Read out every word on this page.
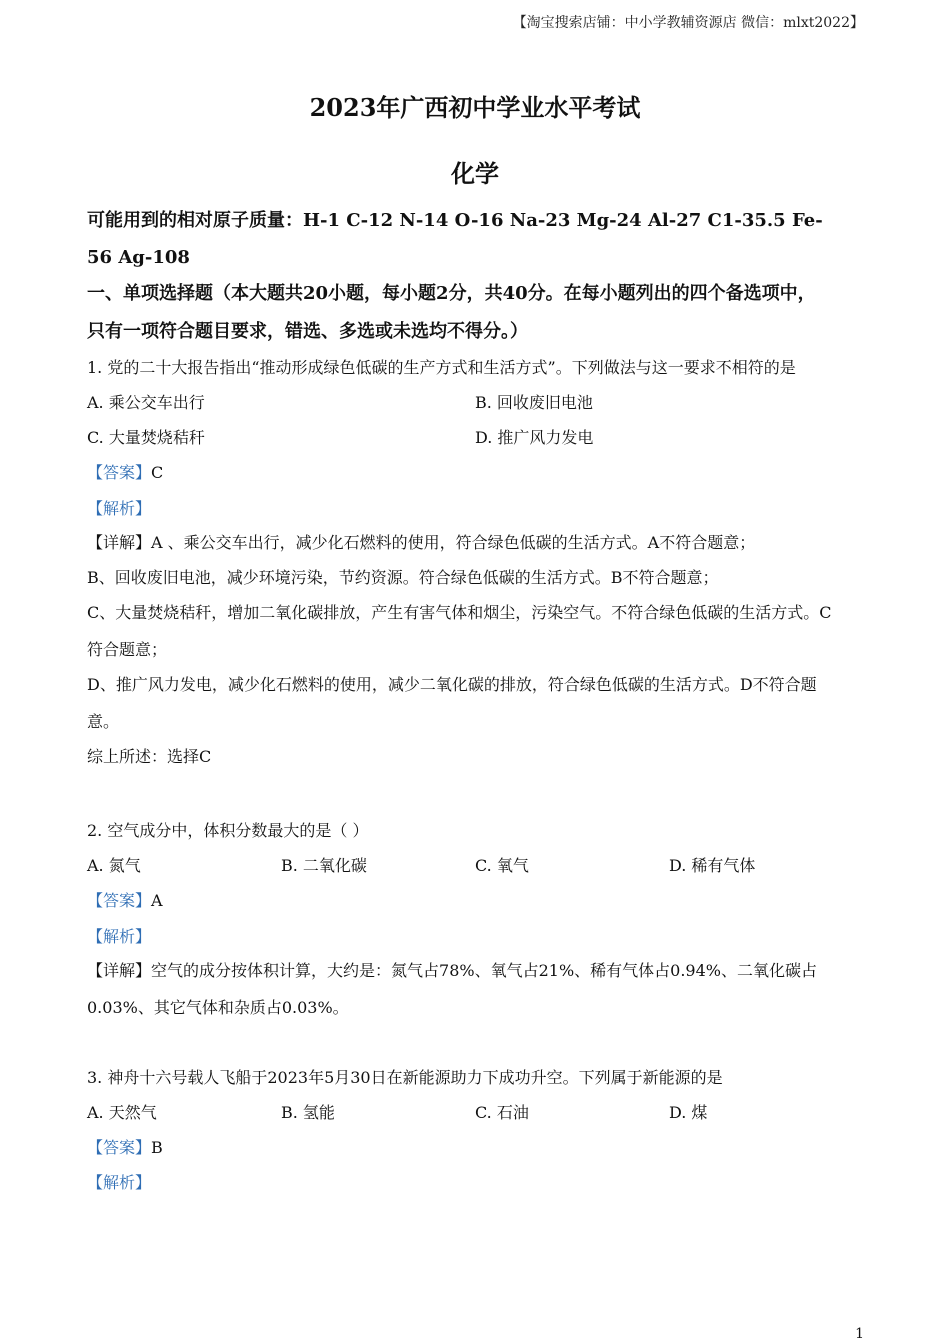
【淘宝搜索店铺：中小学教辅资源店 微信：mlxt2022】
2023年广西初中学业水平考试
化学
可能用到的相对原子质量：H-1 C-12 N-14 O-16 Na-23 Mg-24 Al-27 C1-35.5 Fe-
56 Ag-108
一、单项选择题（本大题共20小题，每小题2分，共40分。在每小题列出的四个备选项中，
只有一项符合题目要求，错选、多选或未选均不得分。）
1. 党的二十大报告指出“推动形成绿色低碳的生产方式和生活方式”。下列做法与这一要求不相符的是
A. 乘公交车出行	B. 回收废旧电池
C. 大量焚烧秸秆	D. 推广风力发电
【答案】C
【解析】
【详解】A 、乘公交车出行，减少化石燃料的使用，符合绿色低碳的生活方式。A不符合题意；
B、回收废旧电池，减少环境污染，节约资源。符合绿色低碳的生活方式。B不符合题意；
C、大量焚烧秸秆，增加二氧化碳排放，产生有害气体和烟尘，污染空气。不符合绿色低碳的生活方式。C
符合题意；
D、推广风力发电，减少化石燃料的使用，减少二氧化碳的排放，符合绿色低碳的生活方式。D不符合题
意。
综上所述：选择C
2. 空气成分中，体积分数最大的是（ ）
A. 氮气	B. 二氧化碳	C. 氧气	D. 稀有气体
【答案】A
【解析】
【详解】空气的成分按体积计算，大约是：氮气占78%、氧气占21%、稀有气体占0.94%、二氧化碳占
0.03%、其它气体和杂质占0.03%。
3. 神舟十六号载人飞船于2023年5月30日在新能源助力下成功升空。下列属于新能源的是
A. 天然气	B. 氢能	C. 石油	D. 煤
【答案】B
【解析】
1
